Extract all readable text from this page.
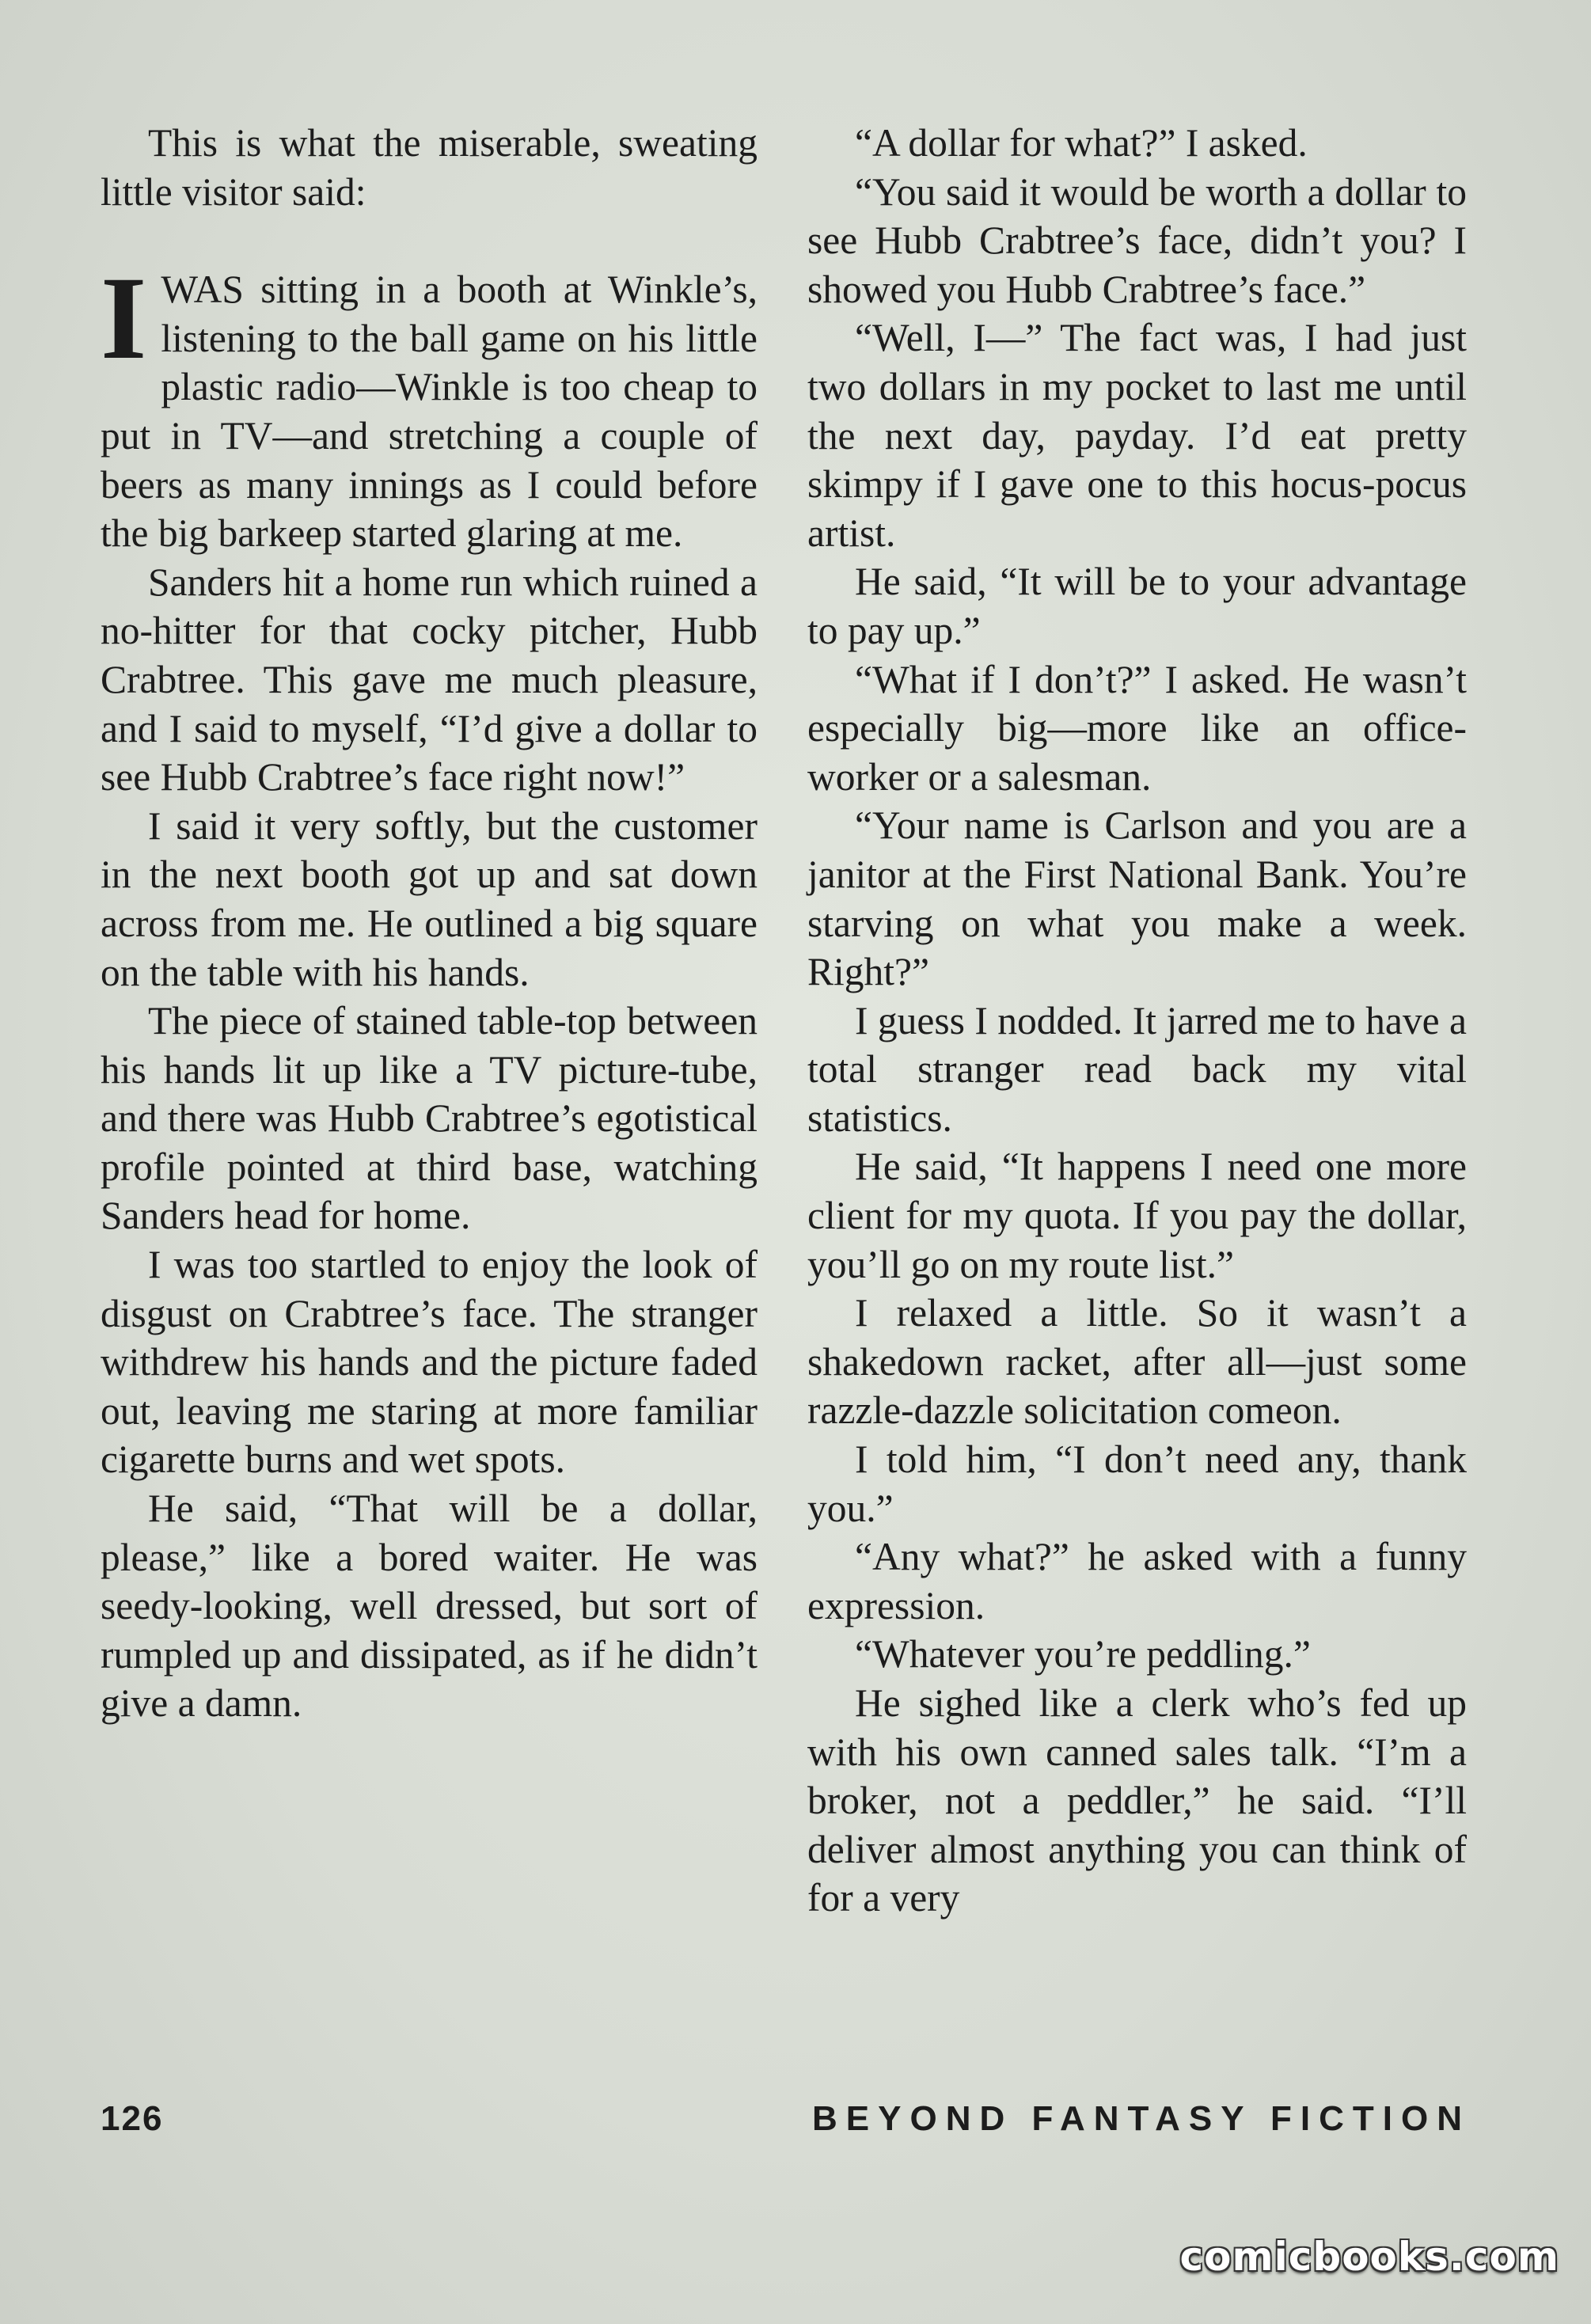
This is what the miserable, sweating little visitor said:

IWAS sitting in a booth at Winkle’s, listening to the ball game on his little plastic radio—Winkle is too cheap to put in TV—and stretching a couple of beers as many innings as I could before the big barkeep started glaring at me.

Sanders hit a home run which ruined a no-hitter for that cocky pitcher, Hubb Crabtree. This gave me much pleasure, and I said to myself, “I’d give a dollar to see Hubb Crabtree’s face right now!”

I said it very softly, but the customer in the next booth got up and sat down across from me. He outlined a big square on the table with his hands.

The piece of stained table-top between his hands lit up like a TV picture-tube, and there was Hubb Crabtree’s egotistical profile pointed at third base, watching Sanders head for home.

I was too startled to enjoy the look of disgust on Crabtree’s face. The stranger withdrew his hands and the picture faded out, leaving me staring at more familiar cigarette burns and wet spots.

He said, “That will be a dollar, please,” like a bored waiter. He was seedy-looking, well dressed, but sort of rumpled up and dissipated, as if he didn’t give a damn.

“A dollar for what?” I asked.

“You said it would be worth a dollar to see Hubb Crabtree’s face, didn’t you? I showed you Hubb Crabtree’s face.”

“Well, I—” The fact was, I had just two dollars in my pocket to last me until the next day, payday. I’d eat pretty skimpy if I gave one to this hocus-pocus artist.

He said, “It will be to your advantage to pay up.”

“What if I don’t?” I asked. He wasn’t especially big—more like an office-worker or a salesman.

“Your name is Carlson and you are a janitor at the First National Bank. You’re starving on what you make a week. Right?”

I guess I nodded. It jarred me to have a total stranger read back my vital statistics.

He said, “It happens I need one more client for my quota. If you pay the dollar, you’ll go on my route list.”

I relaxed a little. So it wasn’t a shakedown racket, after all—just some razzle-dazzle solicitation comeon.

I told him, “I don’t need any, thank you.”

“Any what?” he asked with a funny expression.

“Whatever you’re peddling.”

He sighed like a clerk who’s fed up with his own canned sales talk. “I’m a broker, not a peddler,” he said. “I’ll deliver almost anything you can think of for a very

126	BEYOND FANTASY FICTION
comicbooks.com
